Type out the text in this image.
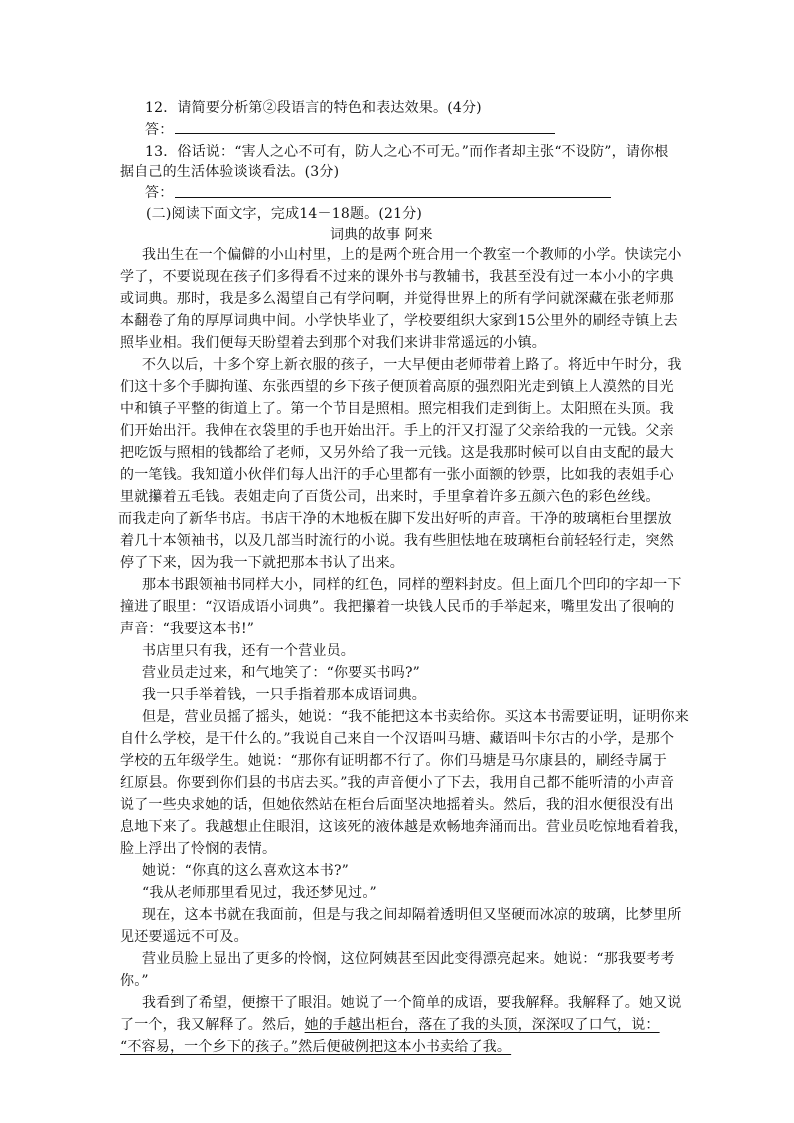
12．请简要分析第②段语言的特色和表达效果。(4分)
答：
13．俗话说：“害人之心不可有，防人之心不可无。”而作者却主张“不设防”，请你根
据自己的生活体验谈谈看法。(3分)
答：
(二)阅读下面文字，完成14－18题。(21分)
词典的故事 阿来
我出生在一个偏僻的小山村里，上的是两个班合用一个教室一个教师的小学。快读完小
学了，不要说现在孩子们多得看不过来的课外书与教辅书，我甚至没有过一本小小的字典
或词典。那时，我是多么渴望自己有学问啊，并觉得世界上的所有学问就深藏在张老师那
本翻卷了角的厚厚词典中间。小学快毕业了，学校要组织大家到15公里外的刷经寺镇上去
照毕业相。我们便每天盼望着去到那个对我们来讲非常遥远的小镇。
不久以后，十多个穿上新衣服的孩子，一大早便由老师带着上路了。将近中午时分，我
们这十多个手脚拘谨、东张西望的乡下孩子便顶着高原的强烈阳光走到镇上人漠然的目光
中和镇子平整的街道上了。第一个节目是照相。照完相我们走到街上。太阳照在头顶。我
们开始出汗。我伸在衣袋里的手也开始出汗。手上的汗又打湿了父亲给我的一元钱。父亲
把吃饭与照相的钱都给了老师，又另外给了我一元钱。这是我那时候可以自由支配的最大
的一笔钱。我知道小伙伴们每人出汗的手心里都有一张小面额的钞票，比如我的表姐手心
里就攥着五毛钱。表姐走向了百货公司，出来时，手里拿着许多五颜六色的彩色丝线。
而我走向了新华书店。书店干净的木地板在脚下发出好听的声音。干净的玻璃柜台里摆放
着几十本领袖书，以及几部当时流行的小说。我有些胆怯地在玻璃柜台前轻轻行走，突然
停了下来，因为我一下就把那本书认了出来。
那本书跟领袖书同样大小，同样的红色，同样的塑料封皮。但上面几个凹印的字却一下
撞进了眼里：“汉语成语小词典”。我把攥着一块钱人民币的手举起来，嘴里发出了很响的
声音：“我要这本书!”
书店里只有我，还有一个营业员。
营业员走过来，和气地笑了：“你要买书吗?”
我一只手举着钱，一只手指着那本成语词典。
但是，营业员摇了摇头，她说：“我不能把这本书卖给你。买这本书需要证明，证明你来
自什么学校，是干什么的。”我说自己来自一个汉语叫马塘、藏语叫卡尔古的小学，是那个
学校的五年级学生。她说：“那你有证明都不行了。你们马塘是马尔康县的，刷经寺属于
红原县。你要到你们县的书店去买。”我的声音便小了下去，我用自己都不能听清的小声音
说了一些央求她的话，但她依然站在柜台后面坚决地摇着头。然后，我的泪水便很没有出
息地下来了。我越想止住眼泪，这该死的液体越是欢畅地奔涌而出。营业员吃惊地看着我，
脸上浮出了怜悯的表情。
她说：“你真的这么喜欢这本书?”
“我从老师那里看见过，我还梦见过。”
现在，这本书就在我面前，但是与我之间却隔着透明但又坚硬而冰凉的玻璃，比梦里所
见还要遥远不可及。
营业员脸上显出了更多的怜悯，这位阿姨甚至因此变得漂亮起来。她说：“那我要考考
你。”
我看到了希望，便擦干了眼泪。她说了一个简单的成语，要我解释。我解释了。她又说
了一个，我又解释了。然后，她的手越出柜台，落在了我的头顶，深深叹了口气，说：
“不容易，一个乡下的孩子。”然后便破例把这本小书卖给了我。
